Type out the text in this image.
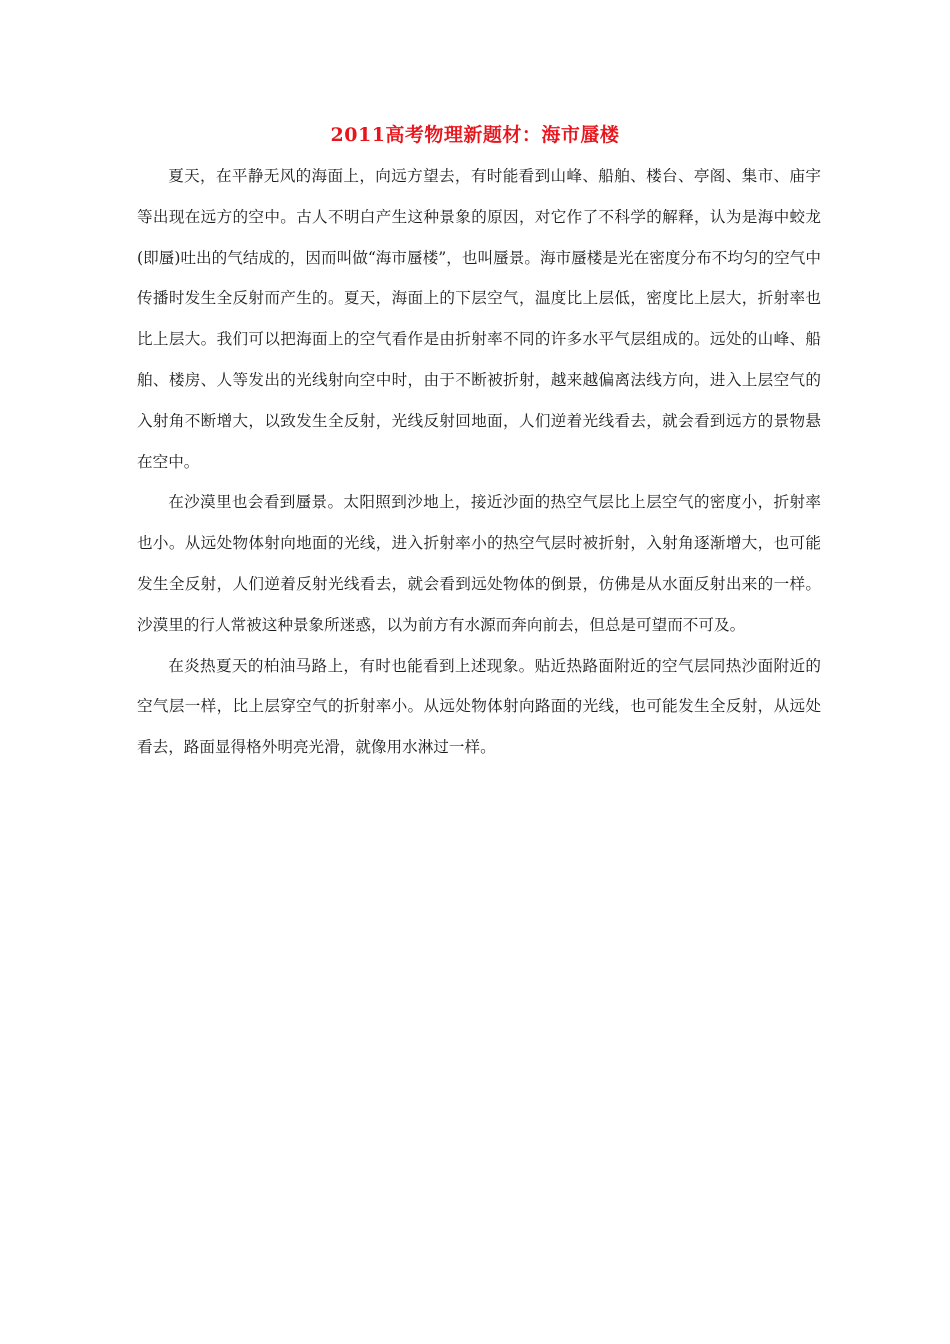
2011高考物理新题材：海市蜃楼

夏天，在平静无风的海面上，向远方望去，有时能看到山峰、船舶、楼台、亭阁、集市、庙宇等出现在远方的空中。古人不明白产生这种景象的原因，对它作了不科学的解释，认为是海中蛟龙(即蜃)吐出的气结成的，因而叫做“海市蜃楼”，也叫蜃景。海市蜃楼是光在密度分布不均匀的空气中传播时发生全反射而产生的。夏天，海面上的下层空气，温度比上层低，密度比上层大，折射率也比上层大。我们可以把海面上的空气看作是由折射率不同的许多水平气层组成的。远处的山峰、船舶、楼房、人等发出的光线射向空中时，由于不断被折射，越来越偏离法线方向，进入上层空气的入射角不断增大，以致发生全反射，光线反射回地面，人们逆着光线看去，就会看到远方的景物悬在空中。

在沙漠里也会看到蜃景。太阳照到沙地上，接近沙面的热空气层比上层空气的密度小，折射率也小。从远处物体射向地面的光线，进入折射率小的热空气层时被折射，入射角逐渐增大，也可能发生全反射，人们逆着反射光线看去，就会看到远处物体的倒景，仿佛是从水面反射出来的一样。沙漠里的行人常被这种景象所迷惑，以为前方有水源而奔向前去，但总是可望而不可及。

在炎热夏天的柏油马路上，有时也能看到上述现象。贴近热路面附近的空气层同热沙面附近的空气层一样，比上层穿空气的折射率小。从远处物体射向路面的光线，也可能发生全反射，从远处看去，路面显得格外明亮光滑，就像用水淋过一样。
